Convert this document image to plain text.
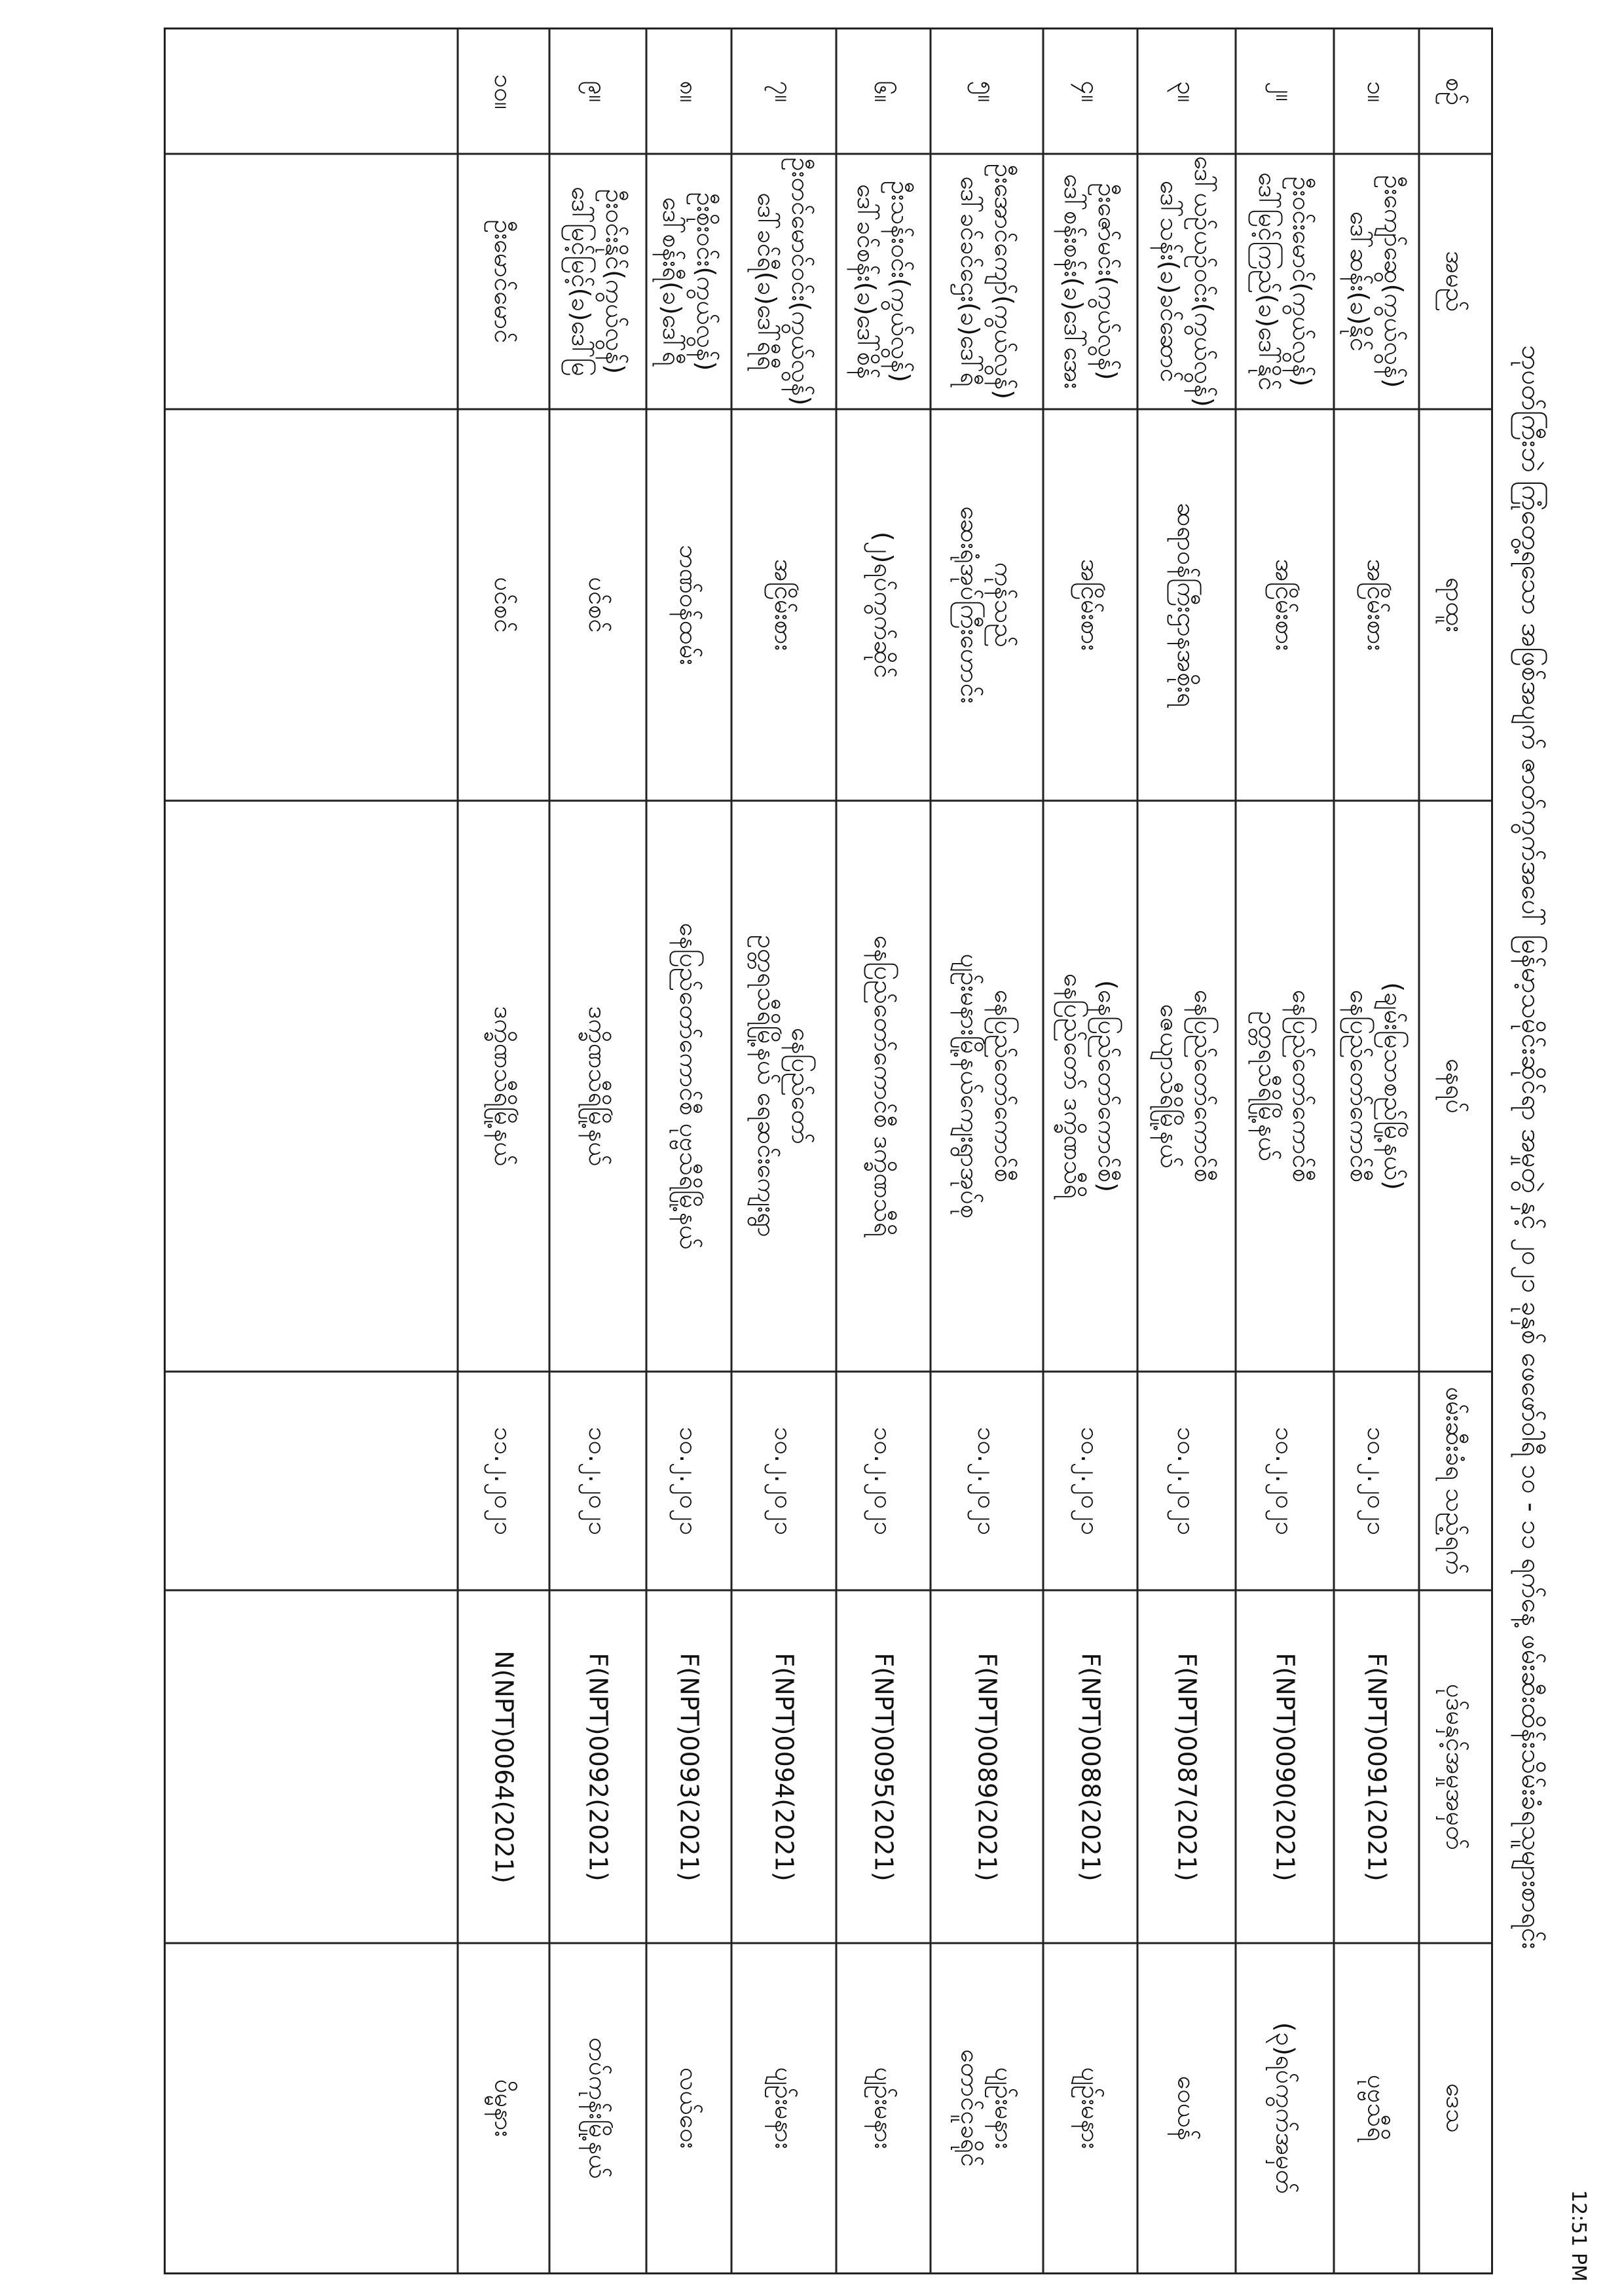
ဘုပတ်ကြီးဘဲ ကြုံတွေ့ရသော အဖြစ်အပျက် ဇာတ်ကွက်အပေါ် မြန်မာ့သမိုင်းဆိုင်ရာ အမှုတွဲ နှင့် ၂၀၂၁ ခုနှစ် ဖေဖော်ဝါရီ ၁၀ - ၁၁ ရက်နေ့ ဖမ်းဆီးထိန်းသိမ်းခံရသူများစာရင်း
12:51 PM
စဉ်
အမည်
ရာထူး
နေရပ်
ဖမ်းဆီးခံရ သည့်ရက်
ပုဒ်မနှင့်အမှုအမှတ်
ဒေသ
၁။
ဦးကျော်ဆွေ(ကွယ်လွန်)
ဒေါ်ဆန်း(ခ)နိုင်
အငြိမ်းစား
(ချမ်းမြသာစည်မြို့နယ်)
နေပြည်တော်ကောင်စီ
၁၀.၂.၂၀၂၁
F(NPT)0091(2021)
ပုဗ္ဗသီရိ
၂။
ဦးဝင်းမောင်(ကွယ်လွန်)
ဒေါ်မြင့်ကြည်(ခ)ဒေါ်နိုင်
အငြိမ်းစား
နေပြည်တော်ကောင်စီ
ဥတ္တရသီရိမြို့နယ်
၁၀.၂.၂၀၂၁
F(NPT)0090(2021)
(၃)ရပ်ကွက်အမှတ်
၃။
ဒေါ်ယဉ်ယဉ်ဝင်း(ကွယ်လွန်)
ဒေါ်သန်း(ခ)ခင်ဆောင်
ဆရာဝန်ကြီးဌာနအစိုးရ
နေပြည်တော်ကောင်စီ
ဇေယျာသီရိမြို့နယ်
၁၀.၂.၂၀၂၁
F(NPT)0087(2021)
ဝေယန်
၄။
ဦးဇော်မင်း(ကွယ်လွန်)
ဒေါ်စန်းစန်း(ခ)ဒေါ်အေး
အငြိမ်းစား
(နေပြည်တော်ကောင်စီ)
နေပြည်တော် ဒက္ခိဏသီရိ
၁၀.၂.၂၀၂၁
F(NPT)0088(2021)
ပျဉ်းမနား
၅။
ဦးအောင်ကျော်(ကွယ်လွန်)
ဒေါ်ခင်ခင်ဌေး(ခ)ဒေါ်ရီ
ကုန်သည်
ဆေးရုံအုပ်ကြီးဟောင်း
နေပြည်တော်ကောင်စီ
ပျဉ်းမနားမြို့နယ်ကျေးရွာအုပ်စု
၁၀.၂.၂၀၂၁
F(NPT)0089(2021)
ပျဉ်းမနား
တောင်ငူခရိုင်
၆။
ဦးသန်းဝင်း(ကွယ်လွန်)
ဒေါ်ခင်စန်း(ခ)ဒေါ်စိန်
(၂)ရပ်ကွက်ဆိုင်
နေပြည်တော်ကောင်စီ ဒက္ခိဏသီရိ
၁၀.၂.၂၀၂၁
F(NPT)0095(2021)
ပျဉ်းမနား
၇။
ဦးတင်မောင်ဝင်း(ကွယ်လွန်)
ဒေါ်ခင်ရီ(ခ)ဒေါ်ရီရီ
အငြိမ်းစား
နေပြည်တော်
ဥတ္တရသီရိမြို့နယ် ရေဆင်းကျေးရွာ
၁၀.၂.၂၀၂၁
F(NPT)0094(2021)
ပျဉ်းမနား
၈။
ဦးစိုးဝင်း(ကွယ်လွန်)
ဒေါ်စန်းရီ(ခ)ဒေါ်ရီ
ဘဏ်ဝန်ထမ်း
နေပြည်တော်ကောင်စီ ပုဗ္ဗသီရိမြို့နယ်
၁၀.၂.၂၀၂၁
F(NPT)0093(2021)
လယ်ဝေး
၉။
ဦးဝင်းနိုင်(ကွယ်လွန်)
ဒေါ်မြင့်မြင့်(ခ)ဒေါ်မြ
ပင်စင်
ဒက္ခိဏသီရိမြို့နယ်
၁၀.၂.၂၀၂၁
F(NPT)0092(2021)
တပ်ကုန်းမြို့နယ်
၁၀။
ဦးမောင်မောင်
ပင်စင်
ဒက္ခိဏသီရိမြို့နယ်
၁၁.၂.၂၀၂၁
N(NPT)0064(2021)
ပိမ္မနား
